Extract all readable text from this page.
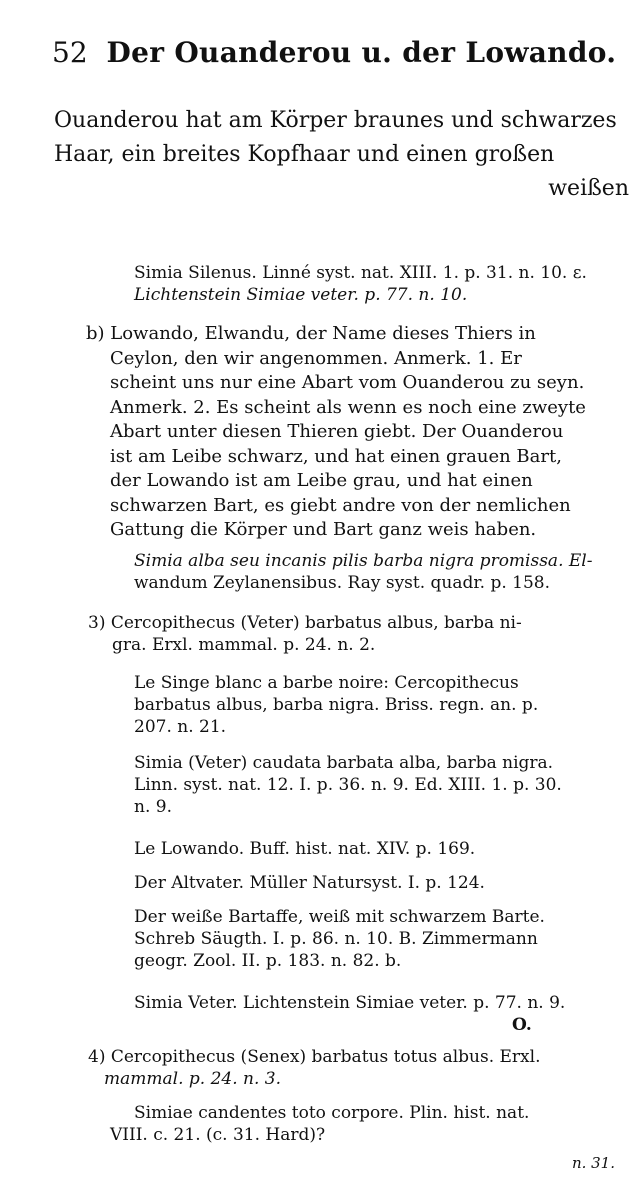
52 Der Ouanderou u. der Lowando.
Ouanderou hat am Körper braunes und schwarzes
Haar, ein breites Kopfhaar und einen großen
weißen
Simia Silenus. Linné syst. nat. XIII. 1. p. 31. n. 10. ε.
Lichtenstein Simiae veter. p. 77. n. 10.
b) Lowando, Elwandu, der Name dieses Thiers in
Ceylon, den wir angenommen. Anmerk. 1. Er
scheint uns nur eine Abart vom Ouanderou zu seyn.
Anmerk. 2. Es scheint als wenn es noch eine zweyte
Abart unter diesen Thieren giebt. Der Ouanderou
ist am Leibe schwarz, und hat einen grauen Bart,
der Lowando ist am Leibe grau, und hat einen
schwarzen Bart, es giebt andre von der nemlichen
Gattung die Körper und Bart ganz weis haben.
Simia alba seu incanis pilis barba nigra promissa. El-
wandum Zeylanensibus. Ray syst. quadr. p. 158.
3) Cercopithecus (Veter) barbatus albus, barba ni-
gra. Erxl. mammal. p. 24. n. 2.
Le Singe blanc a barbe noire: Cercopithecus
barbatus albus, barba nigra. Briss. regn. an. p.
207. n. 21.
Simia (Veter) caudata barbata alba, barba nigra.
Linn. syst. nat. 12. I. p. 36. n. 9. Ed. XIII. 1. p. 30.
n. 9.
Le Lowando. Buff. hist. nat. XIV. p. 169.
Der Altvater. Müller Natursyst. I. p. 124.
Der weiße Bartaffe, weiß mit schwarzem Barte.
Schreb Säugth. I. p. 86. n. 10. B. Zimmermann
geogr. Zool. II. p. 183. n. 82. b.
Simia Veter. Lichtenstein Simiae veter. p. 77. n. 9.
O.
4) Cercopithecus (Senex) barbatus totus albus. Erxl.
mammal. p. 24. n. 3.
Simiae candentes toto corpore. Plin. hist. nat.
VIII. c. 21. (c. 31. Hard)?
n. 31.
